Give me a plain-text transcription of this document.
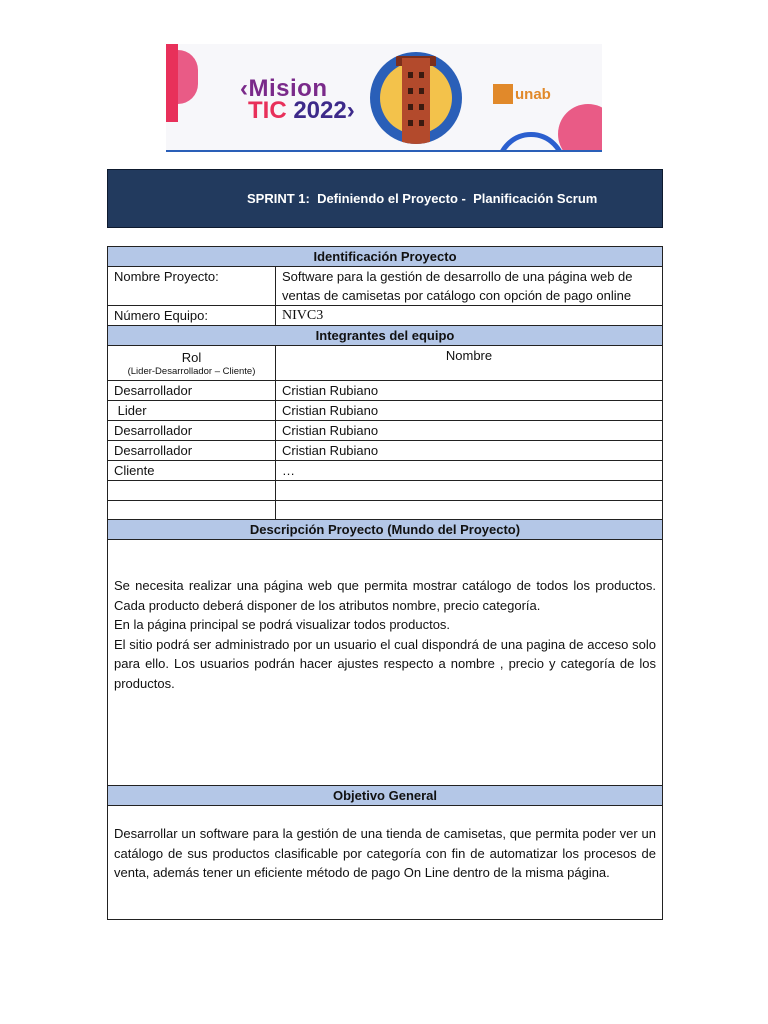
‹Mision
TIC 2022›
unab

SPRINT 1:  Definiendo el Proyecto -  Planificación Scrum
Identificación Proyecto	
Nombre Proyecto:	Software para la gestión de desarrollo de una página web de ventas de camisetas por catálogo con opción de pago online
Número Equipo:	NIVC3
Integrantes del equipo	

Rol
(Lider-Desarrollador – Cliente)	Nombre
Desarrollador	Cristian Rubiano
Lider	Cristian Rubiano
Desarrollador	Cristian Rubiano
Desarrollador	Cristian Rubiano
Cliente	…

Descripción Proyecto (Mundo del Proyecto)	

Se necesita realizar una página web que permita mostrar catálogo de todos los productos. Cada producto deberá disponer de los atributos nombre, precio categoría.
En la página principal se podrá visualizar todos productos.
El sitio podrá ser administrado por un usuario el cual dispondrá de una pagina de acceso solo para ello. Los usuarios podrán hacer ajustes respecto a nombre , precio y categoría de los productos.	

Objetivo General	

Desarrollar un software para la gestión de una tienda de camisetas, que permita poder ver un catálogo de sus productos clasificable por categoría con fin de automatizar los procesos de venta, además tener un eficiente método de pago On Line dentro de la misma página.	
